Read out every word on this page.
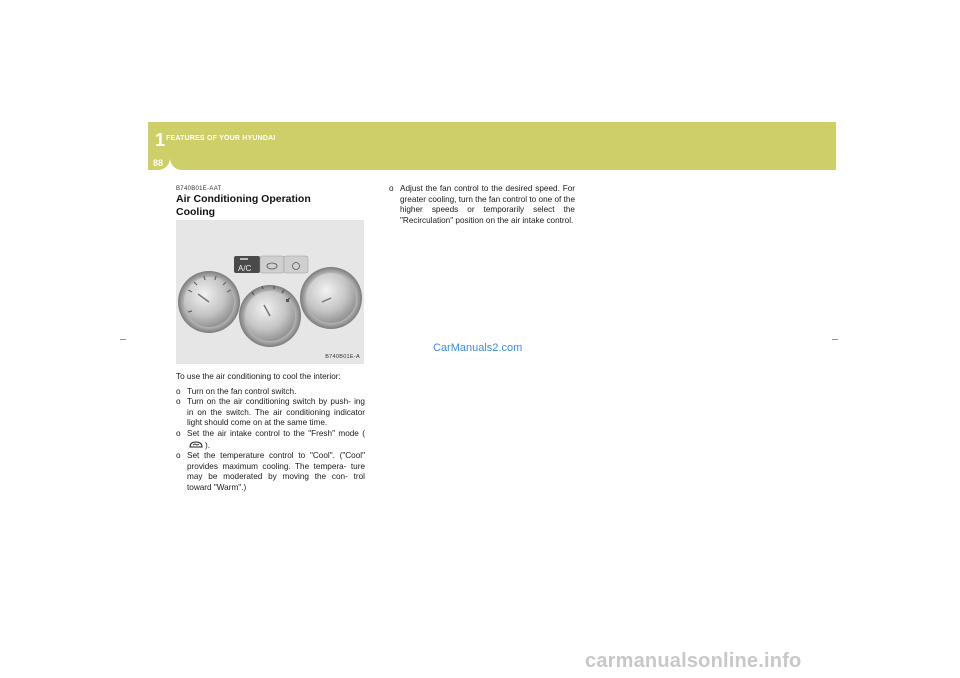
1 FEATURES OF YOUR HYUNDAI
88
B740B01E-AAT
Air Conditioning Operation
Cooling
A/C
B740B01E-A

To use the air conditioning to cool the interior:

o Turn on the fan control switch.

o Turn on the air conditioning switch by push- ing in on the switch. The air conditioning indicator light should come on at the same time.

o Set the air intake control to the "Fresh" mode ( ).

o Set the temperature control to "Cool". ("Cool" provides maximum cooling. The tempera- ture may be moderated by moving the con- trol toward "Warm".)

o Adjust the fan control to the desired speed. For greater cooling, turn the fan control to one of the higher speeds or temporarily select the "Recirculation" position on the air intake control.

CarManuals2.com
carmanualsonline.info
